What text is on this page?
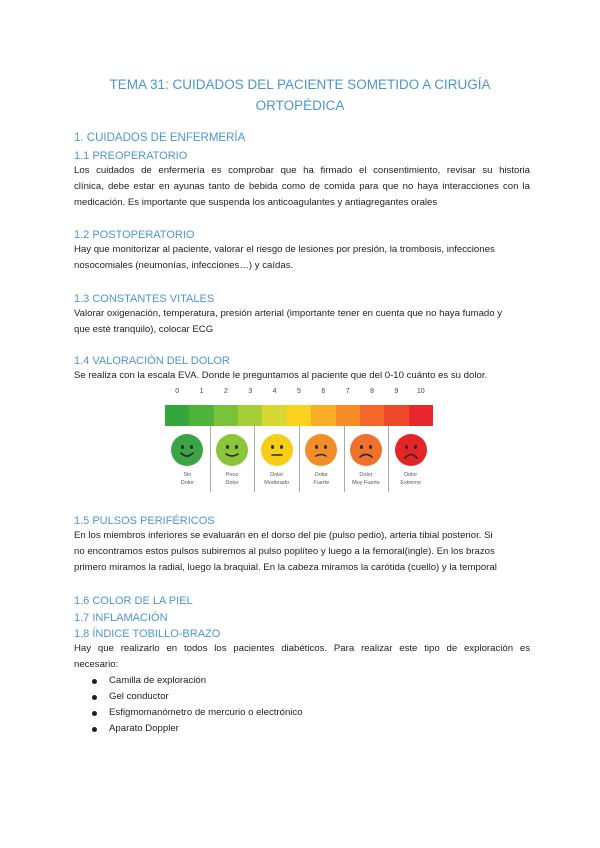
TEMA 31: CUIDADOS DEL PACIENTE SOMETIDO A CIRUGÍA
ORTOPÉDICA
1. CUIDADOS DE ENFERMERÍA
1.1 PREOPERATORIO
Los cuidados de enfermería es comprobar que ha firmado el consentimiento, revisar su historia
clínica, debe estar en ayunas tanto de bebida como de comida para que no haya interacciones con la
medicación. Es importante que suspenda los anticoagulantes y antiagregantes orales
1.2 POSTOPERATORIO
Hay que monitorizar al paciente, valorar el riesgo de lesiones por presión, la trombosis, infecciones
nosocomiales (neumonías, infecciones…) y caídas.
1.3 CONSTANTES VITALES
Valorar oxigenación, temperatura, presión arterial (importante tener en cuenta que no haya fumado y
que esté tranquilo), colocar ECG
1.4 VALORACIÓN DEL DOLOR
Se realiza con la escala EVA. Donde le preguntamos al paciente que del 0-10 cuánto es su dolor.
0	1	2	3	4	5	6	7	8	9	10
Sin
Dolor
Poco
Dolor
Dolor
Moderado
Dolor
Fuerte
Dolor
Muy Fuerte
Dolor
Extremo
1.5 PULSOS PERIFÉRICOS
En los miembros inferiores se evaluarán en el dorso del pie (pulso pedio), arteria tibial posterior. Si
no encontramos estos pulsos subiremos al pulso poplíteo y luego a la femoral(ingle). En los brazos
primero miramos la radial, luego la braquial. En la cabeza miramos la carótida (cuello) y la temporal
1.6 COLOR DE LA PIEL
1.7 INFLAMACIÓN
1.8 ÍNDICE TOBILLO-BRAZO
Hay que realizarlo en todos los pacientes diabéticos. Para realizar este tipo de exploración es
necesario:
Camilla de exploración
Gel conductor
Esfigmomanómetro de mercurio o electrónico
Aparato Doppler
